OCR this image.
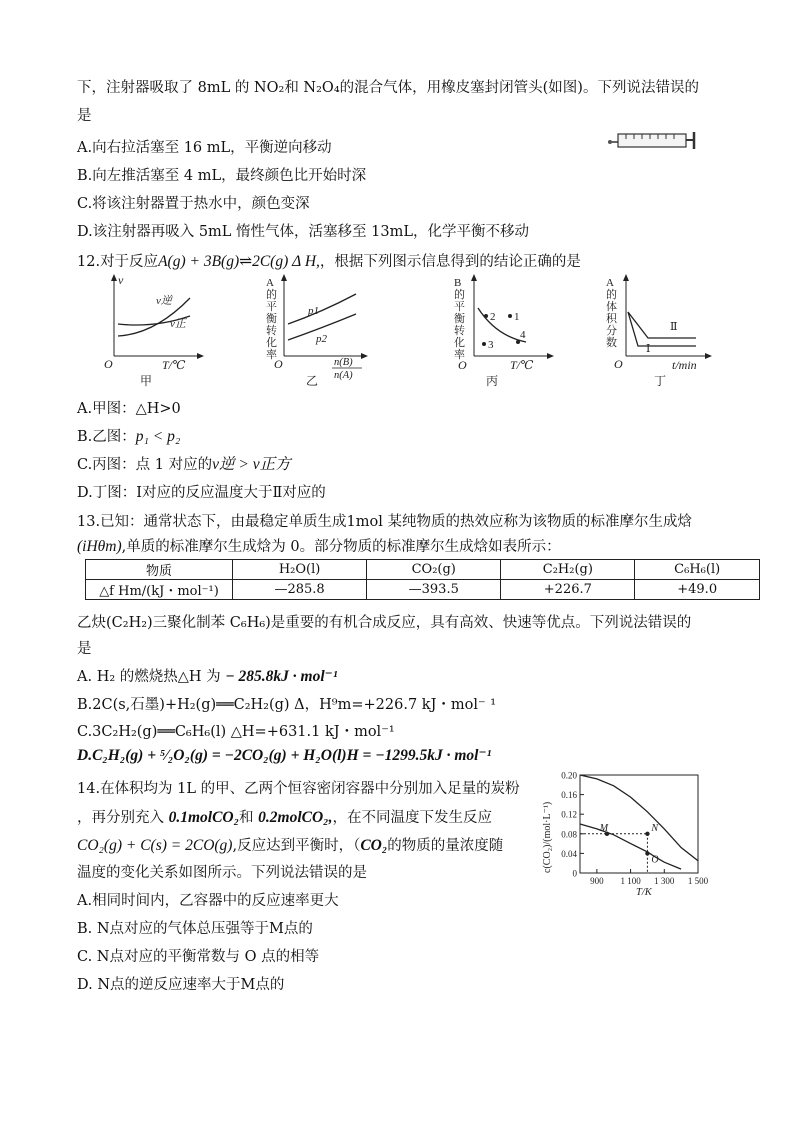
下，注射器吸取了 8mL 的 NO₂和 N₂O₄的混合气体，用橡皮塞封闭管头(如图)。下列说法错误的
是
A.向右拉活塞至 16 mL，平衡逆向移动
B.向左推活塞至 4 mL，最终颜色比开始时深
C.将该注射器置于热水中，颜色变深
D.该注射器再吸入 5mL 惰性气体，活塞移至 13mL，化学平衡不移动
12.对于反应A(g) + 3B(g)⇌2C(g) Δ H,，根据下列图示信息得到的结论正确的是
v
O	T/℃
v逆
v正
甲
A 的平衡转化率
O
p1
p2
n(B)
n(A)
乙
B 的平衡转化率
O
1
2
3
4
T/℃
丙
A 的体积分数
O
Ⅱ
Ⅰ
t/min
丁
A.甲图：△H>0
B.乙图：p₁ < p₂
C.丙图：点 1 对应的v逆 > v正方
D.丁图：Ⅰ对应的反应温度大于Ⅱ对应的
13.已知：通常状态下，由最稳定单质生成1mol 某纯物质的热效应称为该物质的标准摩尔生成焓
(iHθm),单质的标准摩尔生成焓为 0。部分物质的标准摩尔生成焓如表所示：
物质	H₂O(l)	CO₂(g)	C₂H₂(g)	C₆H₆(l)
△f Hm/(kJ・mol⁻¹)	—285.8	—393.5	+226.7	+49.0
乙炔(C₂H₂)三聚化制苯 C₆H₆)是重要的有机合成反应，具有高效、快速等优点。下列说法错误的
是
A. H₂ 的燃烧热△H 为 − 285.8kJ · mol⁻¹
B.2C(s,石墨)+H₂(g)══C₂H₂(g) Δ，H⁹m=+226.7 kJ・mol⁻ ¹
C.3C₂H₂(g)══C₆H₆(l) △H=+631.1 kJ・mol⁻¹
D.C₂H₂(g) + ⁵⁄₂O₂(g) = −2CO₂(g) + H₂O(l)H = −1299.5kJ · mol⁻¹
14.在体积均为 1L 的甲、乙两个恒容密闭容器中分别加入足量的炭粉
，再分别充入 0.1molCO₂和 0.2molCO₂,，在不同温度下发生反应
CO₂(g) + C(s) = 2CO(g),反应达到平衡时，（CO₂的物质的量浓度随
温度的变化关系如图所示。下列说法错误的是
A.相同时间内，乙容器中的反应速率更大
B. N点对应的气体总压强等于M点的
C. N点对应的平衡常数与 O 点的相等
D. N点的逆反应速率大于M点的
c(CO₂)/(mol·L⁻¹)
T/K
0
0.04
0.08
0.12
0.16
0.20
900 1 100 1 300 1 500
M	N
O
